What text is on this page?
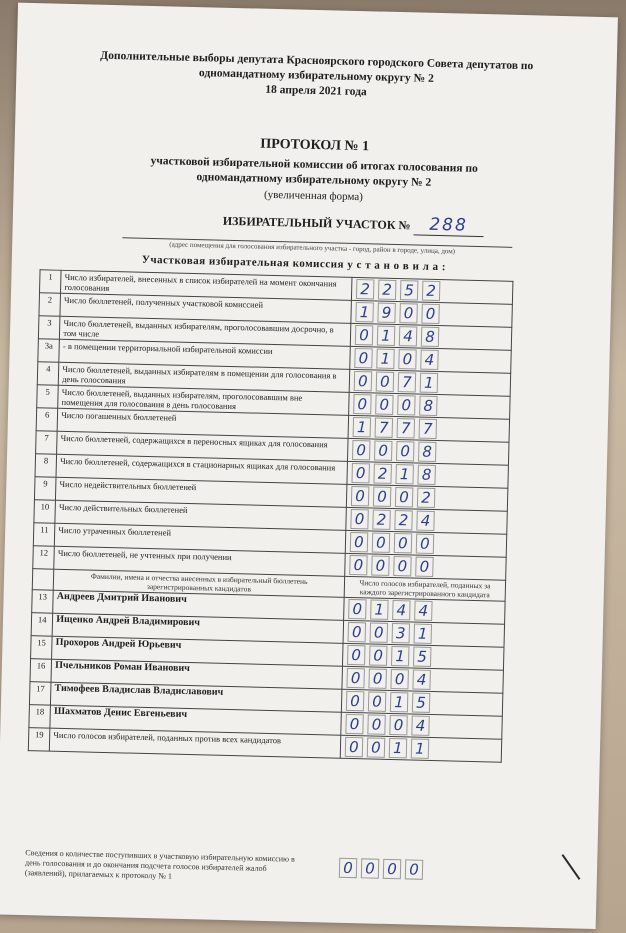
Дополнительные выборы депутата Красноярского городского Совета депутатов по одномандатному избирательному округу № 2
18 апреля 2021 года
ПРОТОКОЛ № 1
участковой избирательной комиссии об итогах голосования по одномандатному избирательному округу № 2
(увеличенная форма)
ИЗБИРАТЕЛЬНЫЙ УЧАСТОК № 288
(адрес помещения для голосования избирательного участка - город, район в городе, улица, дом)
Участковая избирательная комиссия у с т а н о в и л а :
1	Число избирателей, внесенных в список избирателей на момент окончания голосования	2 2 5 2

2	Число бюллетеней, полученных участковой комиссией	1 9 0 0

3	Число бюллетеней, выданных избирателям, проголосовавшим досрочно, в том числе	0 1 4 8

3а	- в помещении территориальной избирательной комиссии	0 1 0 4

4	Число бюллетеней, выданных избирателям в помещении для голосования в день голосования	0 0 7 1

5	Число бюллетеней, выданных избирателям, проголосовавшим вне помещения для голосования в день голосования	0 0 0 8

6	Число погашенных бюллетеней	1 7 7 7

7	Число бюллетеней, содержащихся в переносных ящиках для голосования	0 0 0 8

8	Число бюллетеней, содержащихся в стационарных ящиках для голосования	0 2 1 8

9	Число недействительных бюллетеней	0 0 0 2

10	Число действительных бюллетеней	0 2 2 4

11	Число утраченных бюллетеней	0 0 0 0

12	Число бюллетеней, не учтенных при получении	0 0 0 0

	Фамилии, имена и отчества внесенных в избирательный бюллетень зарегистрированных кандидатов	Число голосов избирателей, поданных за каждого зарегистрированного кандидата
13	Андреев Дмитрий Иванович	0 1 4 4

14	Ищенко Андрей Владимирович	0 0 3 1

15	Прохоров Андрей Юрьевич	0 0 1 5

16	Пчельников Роман Иванович	0 0 0 4

17	Тимофеев Владислав Владиславович	0 0 1 5

18	Шахматов Денис Евгеньевич	0 0 0 4

19	Число голосов избирателей, поданных против всех кандидатов	0 0 1 1
Сведения о количестве поступивших в участковую избирательную комиссию в день голосования и до окончания подсчета голосов избирателей жалоб (заявлений), прилагаемых к протоколу № 1	0 0 0 0
